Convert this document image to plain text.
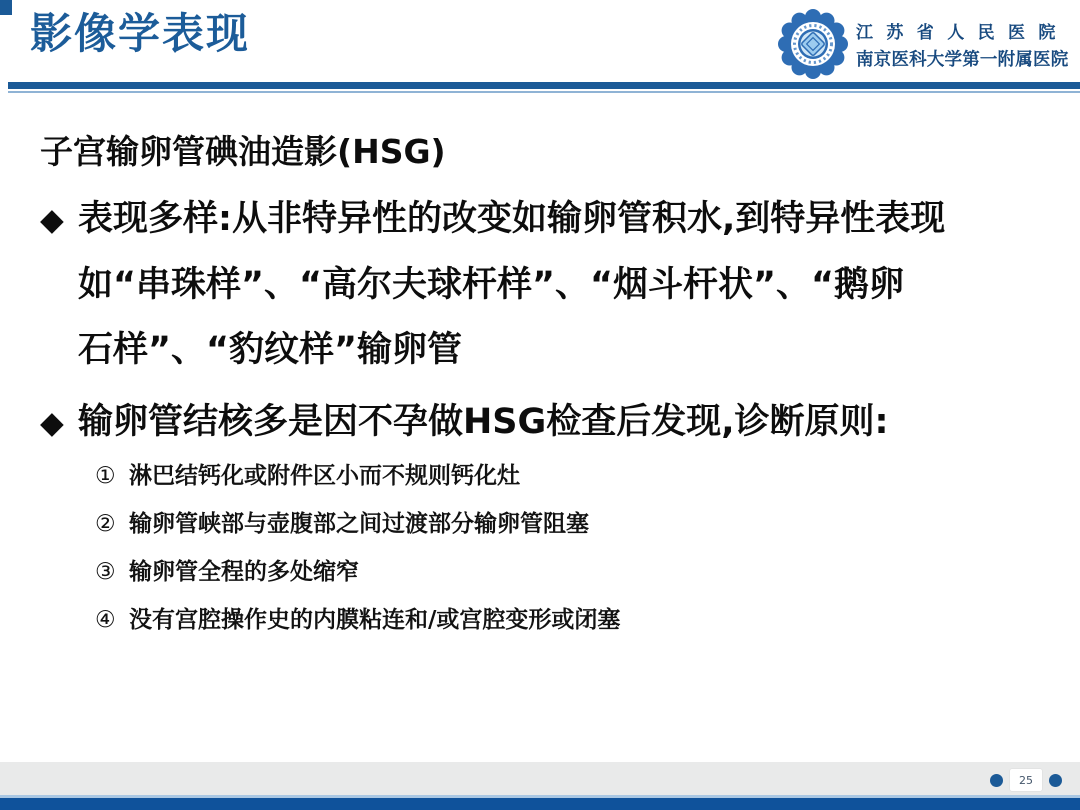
影像学表现	江苏省人民医院
南京医科大学第一附属医院
子宫输卵管碘油造影(HSG)
◆ 表现多样:从非特异性的改变如输卵管积水,到特异性表现
如“串珠样”、“高尔夫球杆样”、“烟斗杆状”、“鹅卵
石样”、“豹纹样”输卵管
◆ 输卵管结核多是因不孕做HSG检查后发现,诊断原则:
① 淋巴结钙化或附件区小而不规则钙化灶
② 输卵管峡部与壶腹部之间过渡部分输卵管阻塞
③ 输卵管全程的多处缩窄
④ 没有宫腔操作史的内膜粘连和/或宫腔变形或闭塞
25
